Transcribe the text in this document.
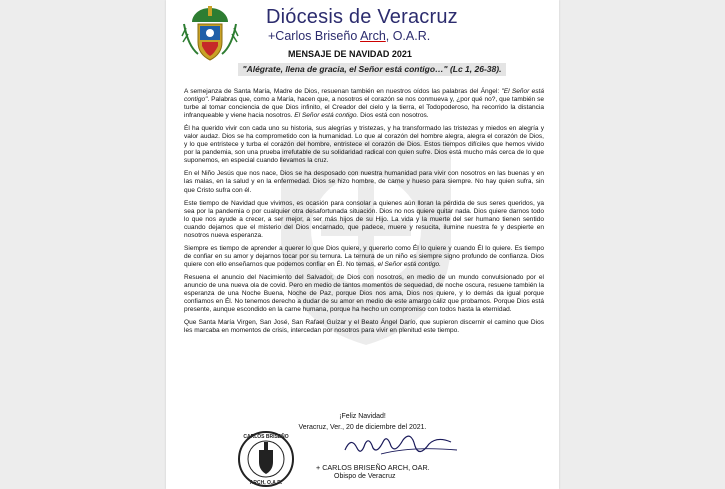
Diócesis de Veracruz

+Carlos Briseño Arch, O.A.R.

MENSAJE DE NAVIDAD 2021

"Alégrate, llena de gracia, el Señor está contigo…" (Lc 1, 26-38).

A semejanza de Santa María, Madre de Dios, resuenan también en nuestros oídos las palabras del Ángel: "El Señor está contigo". Palabras que, como a María, hacen que, a nosotros el corazón se nos conmueva y, ¿por qué no?, que también se turbe al tomar conciencia de que Dios infinito, el Creador del cielo y la tierra, el Todopoderoso, ha recorrido la distancia infranqueable y viene hacia nosotros. El Señor está contigo. Dios está con nosotros.

Él ha querido vivir con cada uno su historia, sus alegrías y tristezas, y ha transformado las tristezas y miedos en alegría y valor audaz. Dios se ha comprometido con la humanidad. Lo que al corazón del hombre alegra, alegra el corazón de Dios, y lo que entristece y turba el corazón del hombre, entristece el corazón de Dios. Estos tiempos difíciles que hemos vivido por la pandemia, son una prueba irrefutable de su solidaridad radical con quien sufre. Dios está mucho más cerca de lo que suponemos, en especial cuando llevamos la cruz.

En el Niño Jesús que nos nace, Dios se ha desposado con nuestra humanidad para vivir con nosotros en las buenas y en las malas, en la salud y en la enfermedad. Dios se hizo hombre, de carne y hueso para siempre. No hay quien sufra, sin que Cristo sufra con él.

Este tiempo de Navidad que vivimos, es ocasión para consolar a quienes aún lloran la pérdida de sus seres queridos, ya sea por la pandemia o por cualquier otra desafortunada situación. Dios no nos quiere quitar nada. Dios quiere darnos todo lo que nos ayude a crecer, a ser mejor, a ser más hijos de su Hijo. La vida y la muerte del ser humano tienen sentido cuando dejamos que el misterio del Dios encarnado, que padece, muere y resucita, ilumine nuestra fe y despierte en nosotros nueva esperanza.

Siempre es tiempo de aprender a querer lo que Dios quiere, y quererlo como Él lo quiere y cuando Él lo quiere. Es tiempo de confiar en su amor y dejarnos tocar por su ternura. La ternura de un niño es siempre signo profundo de confianza. Dios quiere con ello enseñarnos que podemos confiar en Él. No temas, el Señor está contigo.

Resuena el anuncio del Nacimiento del Salvador, de Dios con nosotros, en medio de un mundo convulsionado por el anuncio de una nueva ola de covid. Pero en medio de tantos momentos de sequedad, de noche oscura, resuene también la esperanza de una Noche Buena, Noche de Paz, porque Dios nos ama, Dios nos quiere, y lo demás da igual porque confiamos en Él. No tenemos derecho a dudar de su amor en medio de este amargo cáliz que probamos. Porque Dios está presente, aunque escondido en la carne humana, porque ha hecho un compromiso con todos hasta la eternidad.

Que Santa María Virgen, San José, San Rafael Guízar y el Beato Ángel Darío, que supieron discernir el camino que Dios les marcaba en momentos de crisis, intercedan por nosotros para vivir en plenitud este tiempo.

¡Feliz Navidad!

Veracruz, Ver., 20 de diciembre del 2021.

CARLOS BRISEÑO
ARCH, O.A.R.

+ CARLOS BRISEÑO ARCH, OAR.

Obispo de Veracruz
